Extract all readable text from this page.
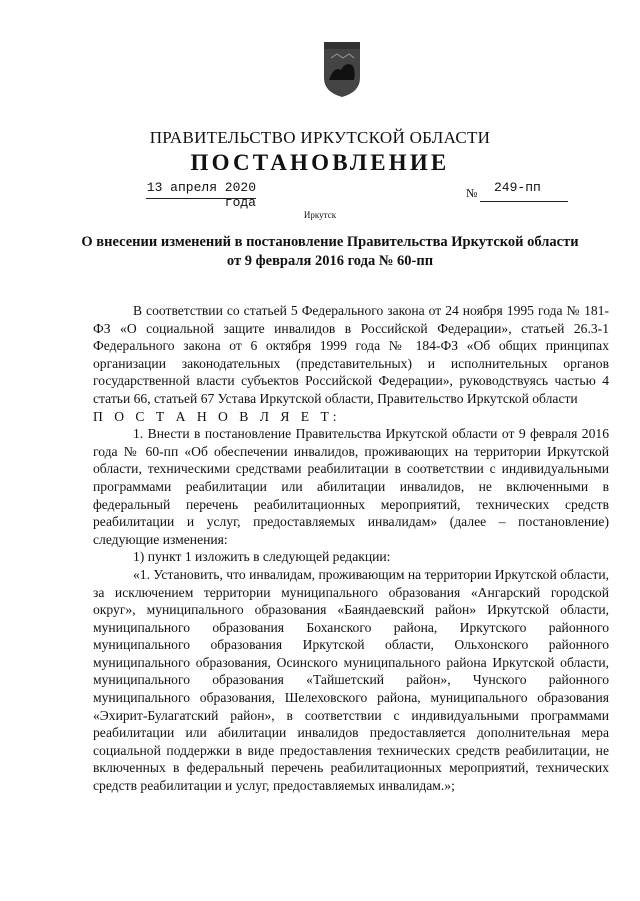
ПРАВИТЕЛЬСТВО ИРКУТСКОЙ ОБЛАСТИ
ПОСТАНОВЛЕНИЕ
13 апреля 2020 года
№ 249-пп
Иркутск
О внесении изменений в постановление Правительства Иркутской области
от 9 февраля 2016 года № 60-пп

В соответствии со статьей 5 Федерального закона от 24 ноября 1995 года № 181-ФЗ «О социальной защите инвалидов в Российской Федерации», статьей 26.3-1 Федерального закона от 6 октября 1999 года № 184-ФЗ «Об общих принципах организации законодательных (представительных) и исполнительных органов государственной власти субъектов Российской Федерации», руководствуясь частью 4 статьи 66, статьей 67 Устава Иркутской области, Правительство Иркутской области

П О С Т А Н О В Л Я Е Т:

1. Внести в постановление Правительства Иркутской области от 9 февраля 2016 года № 60-пп «Об обеспечении инвалидов, проживающих на территории Иркутской области, техническими средствами реабилитации в соответствии с индивидуальными программами реабилитации или абилитации инвалидов, не включенными в федеральный перечень реабилитационных мероприятий, технических средств реабилитации и услуг, предоставляемых инвалидам» (далее – постановление) следующие изменения:

1) пункт 1 изложить в следующей редакции:

«1. Установить, что инвалидам, проживающим на территории Иркутской области, за исключением территории муниципального образования «Ангарский городской округ», муниципального образования «Баяндаевский район» Иркутской области, муниципального образования Боханского района, Иркутского районного муниципального образования Иркутской области, Ольхонского районного муниципального образования, Осинского муниципального района Иркутской области, муниципального образования «Тайшетский район», Чунского районного муниципального образования, Шелеховского района, муниципального образования «Эхирит-Булагатский район», в соответствии с индивидуальными программами реабилитации или абилитации инвалидов предоставляется дополнительная мера социальной поддержки в виде предоставления технических средств реабилитации, не включенных в федеральный перечень реабилитационных мероприятий, технических средств реабилитации и услуг, предоставляемых инвалидам.»;
